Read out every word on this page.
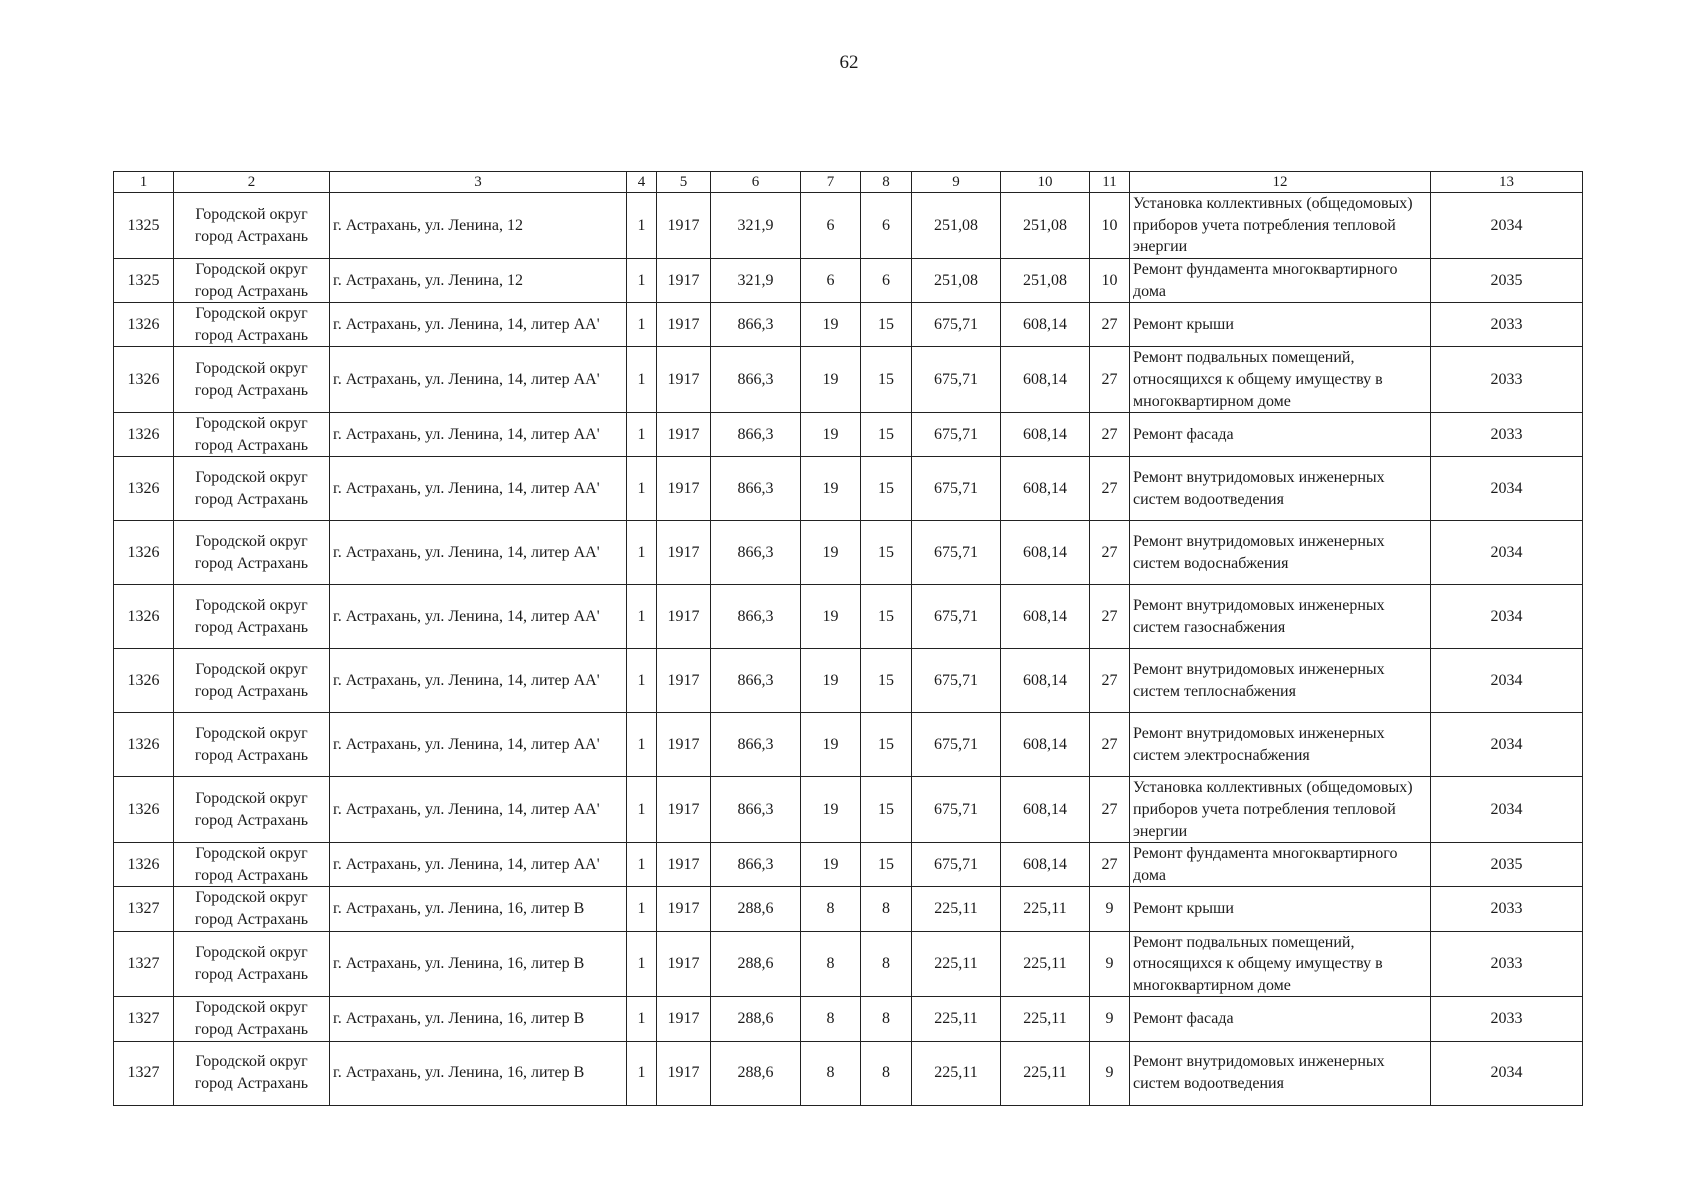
62
1	2	3	4	5	6	7	8	9	10	11	12	13
1325	Городской округ город Астрахань	г. Астрахань, ул. Ленина, 12	1	1917	321,9	6	6	251,08	251,08	10	Установка коллективных (общедомовых) приборов учета потребления тепловой энергии	2034
1325	Городской округ город Астрахань	г. Астрахань, ул. Ленина, 12	1	1917	321,9	6	6	251,08	251,08	10	Ремонт фундамента многоквартирного дома	2035
1326	Городской округ город Астрахань	г. Астрахань, ул. Ленина, 14, литер АА'	1	1917	866,3	19	15	675,71	608,14	27	Ремонт крыши	2033
1326	Городской округ город Астрахань	г. Астрахань, ул. Ленина, 14, литер АА'	1	1917	866,3	19	15	675,71	608,14	27	Ремонт подвальных помещений, относящихся к общему имуществу в многоквартирном доме	2033
1326	Городской округ город Астрахань	г. Астрахань, ул. Ленина, 14, литер АА'	1	1917	866,3	19	15	675,71	608,14	27	Ремонт фасада	2033
1326	Городской округ город Астрахань	г. Астрахань, ул. Ленина, 14, литер АА'	1	1917	866,3	19	15	675,71	608,14	27	Ремонт внутридомовых инженерных систем водоотведения	2034
1326	Городской округ город Астрахань	г. Астрахань, ул. Ленина, 14, литер АА'	1	1917	866,3	19	15	675,71	608,14	27	Ремонт внутридомовых инженерных систем водоснабжения	2034
1326	Городской округ город Астрахань	г. Астрахань, ул. Ленина, 14, литер АА'	1	1917	866,3	19	15	675,71	608,14	27	Ремонт внутридомовых инженерных систем газоснабжения	2034
1326	Городской округ город Астрахань	г. Астрахань, ул. Ленина, 14, литер АА'	1	1917	866,3	19	15	675,71	608,14	27	Ремонт внутридомовых инженерных систем теплоснабжения	2034
1326	Городской округ город Астрахань	г. Астрахань, ул. Ленина, 14, литер АА'	1	1917	866,3	19	15	675,71	608,14	27	Ремонт внутридомовых инженерных систем электроснабжения	2034
1326	Городской округ город Астрахань	г. Астрахань, ул. Ленина, 14, литер АА'	1	1917	866,3	19	15	675,71	608,14	27	Установка коллективных (общедомовых) приборов учета потребления тепловой энергии	2034
1326	Городской округ город Астрахань	г. Астрахань, ул. Ленина, 14, литер АА'	1	1917	866,3	19	15	675,71	608,14	27	Ремонт фундамента многоквартирного дома	2035
1327	Городской округ город Астрахань	г. Астрахань, ул. Ленина, 16, литер В	1	1917	288,6	8	8	225,11	225,11	9	Ремонт крыши	2033
1327	Городской округ город Астрахань	г. Астрахань, ул. Ленина, 16, литер В	1	1917	288,6	8	8	225,11	225,11	9	Ремонт подвальных помещений, относящихся к общему имуществу в многоквартирном доме	2033
1327	Городской округ город Астрахань	г. Астрахань, ул. Ленина, 16, литер В	1	1917	288,6	8	8	225,11	225,11	9	Ремонт фасада	2033
1327	Городской округ город Астрахань	г. Астрахань, ул. Ленина, 16, литер В	1	1917	288,6	8	8	225,11	225,11	9	Ремонт внутридомовых инженерных систем водоотведения	2034
